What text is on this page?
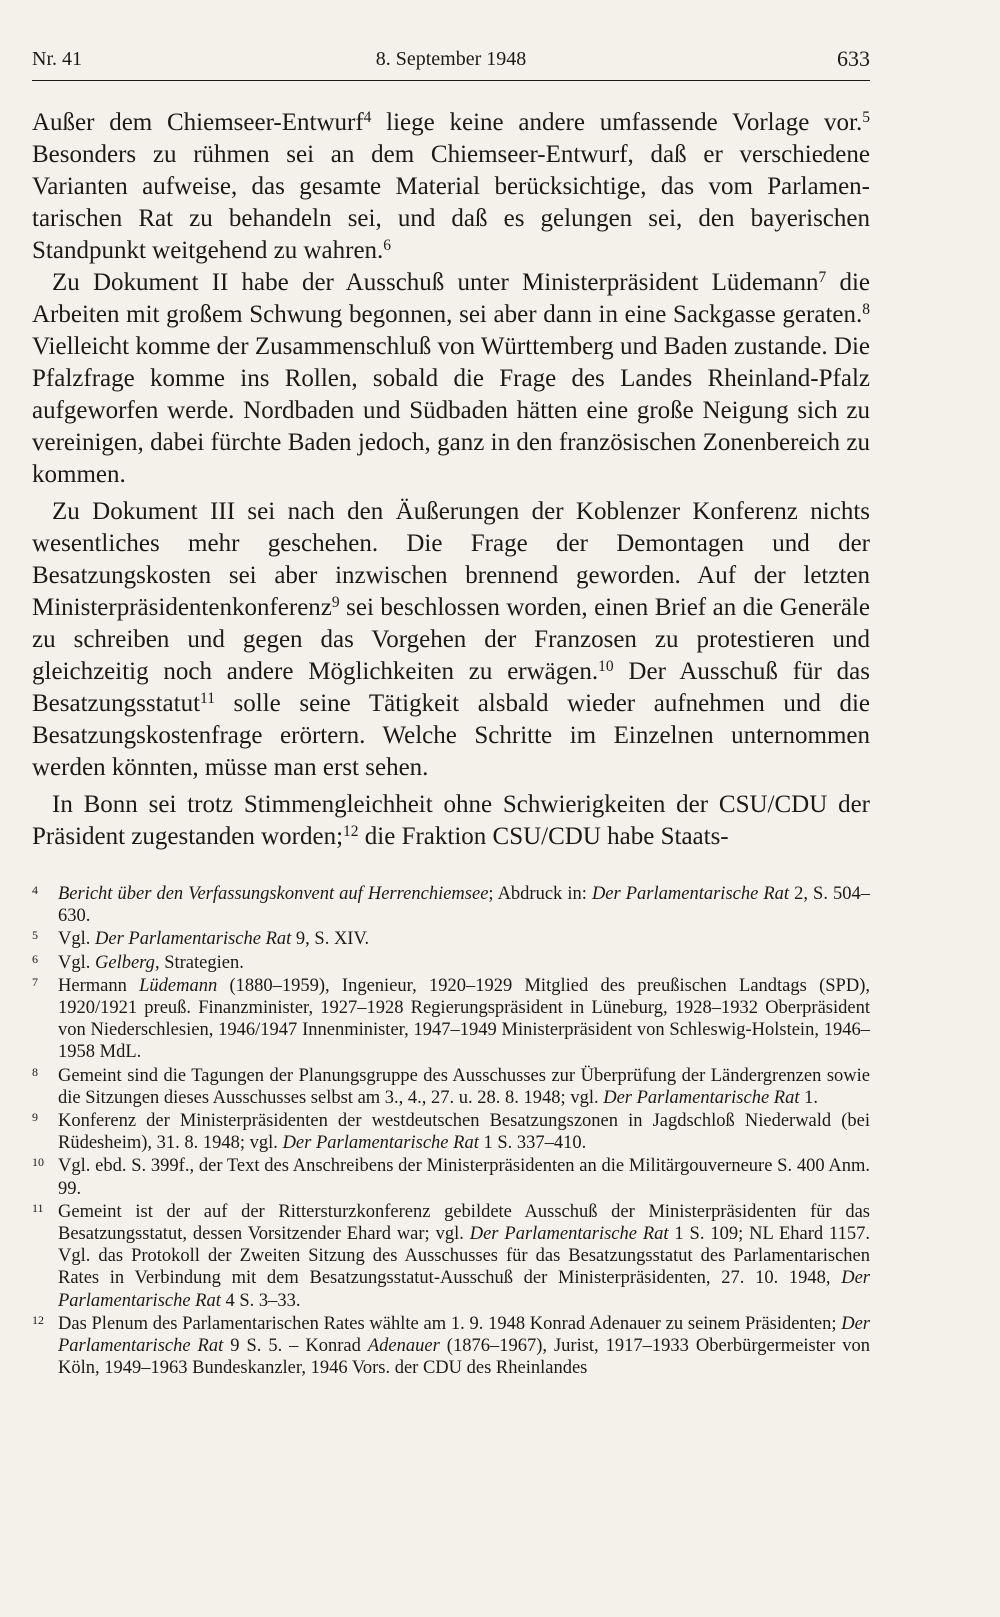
Nr. 41	8. September 1948	633

Außer dem Chiemseer-Entwurf$^4$ liege keine andere umfassende Vorlage vor.$^5$ Besonders zu rühmen sei an dem Chiemseer-Entwurf, daß er verschiedene Varianten aufweise, das gesamte Material berücksichtige, das vom Parlamentarischen Rat zu behandeln sei, und daß es gelungen sei, den bayerischen Standpunkt weitgehend zu wahren.$^6$

Zu Dokument II habe der Ausschuß unter Ministerpräsident Lüdemann$^7$ die Arbeiten mit großem Schwung begonnen, sei aber dann in eine Sackgasse geraten.$^8$ Vielleicht komme der Zusammenschluß von Württemberg und Baden zustande. Die Pfalzfrage komme ins Rollen, sobald die Frage des Landes Rheinland-Pfalz aufgeworfen werde. Nordbaden und Südbaden hätten eine große Neigung sich zu vereinigen, dabei fürchte Baden jedoch, ganz in den französischen Zonenbereich zu kommen.

Zu Dokument III sei nach den Äußerungen der Koblenzer Konferenz nichts wesentliches mehr geschehen. Die Frage der Demontagen und der Besatzungskosten sei aber inzwischen brennend geworden. Auf der letzten Ministerpräsidentenkonferenz$^9$ sei beschlossen worden, einen Brief an die Generäle zu schreiben und gegen das Vorgehen der Franzosen zu protestieren und gleichzeitig noch andere Möglichkeiten zu erwägen.$^{10}$ Der Ausschuß für das Besatzungsstatut$^{11}$ solle seine Tätigkeit alsbald wieder aufnehmen und die Besatzungskostenfrage erörtern. Welche Schritte im Einzelnen unternommen werden könnten, müsse man erst sehen.

In Bonn sei trotz Stimmengleichheit ohne Schwierigkeiten der CSU/CDU der Präsident zugestanden worden;$^{12}$ die Fraktion CSU/CDU habe Staats-

4 Bericht über den Verfassungskonvent auf Herrenchiemsee; Abdruck in: Der Parlamentarische Rat 2, S. 504–630.
5 Vgl. Der Parlamentarische Rat 9, S. XIV.
6 Vgl. Gelberg, Strategien.
7 Hermann Lüdemann (1880–1959), Ingenieur, 1920–1929 Mitglied des preußischen Landtags (SPD), 1920/1921 preuß. Finanzminister, 1927–1928 Regierungspräsident in Lüneburg, 1928–1932 Oberpräsident von Niederschlesien, 1946/1947 Innenminister, 1947–1949 Ministerpräsident von Schleswig-Holstein, 1946–1958 MdL.
8 Gemeint sind die Tagungen der Planungsgruppe des Ausschusses zur Überprüfung der Ländergrenzen sowie die Sitzungen dieses Ausschusses selbst am 3., 4., 27. u. 28. 8. 1948; vgl. Der Parlamentarische Rat 1.
9 Konferenz der Ministerpräsidenten der westdeutschen Besatzungszonen in Jagdschloß Niederwald (bei Rüdesheim), 31. 8. 1948; vgl. Der Parlamentarische Rat 1 S. 337–410.
10 Vgl. ebd. S. 399f., der Text des Anschreibens der Ministerpräsidenten an die Militärgouverneure S. 400 Anm. 99.
11 Gemeint ist der auf der Rittersturzkonferenz gebildete Ausschuß der Ministerpräsidenten für das Besatzungsstatut, dessen Vorsitzender Ehard war; vgl. Der Parlamentarische Rat 1 S. 109; NL Ehard 1157. Vgl. das Protokoll der Zweiten Sitzung des Ausschusses für das Besatzungsstatut des Parlamentarischen Rates in Verbindung mit dem Besatzungsstatut-Ausschuß der Ministerpräsidenten, 27. 10. 1948, Der Parlamentarische Rat 4 S. 3–33.
12 Das Plenum des Parlamentarischen Rates wählte am 1. 9. 1948 Konrad Adenauer zu seinem Präsidenten; Der Parlamentarische Rat 9 S. 5. – Konrad Adenauer (1876–1967), Jurist, 1917–1933 Oberbürgermeister von Köln, 1949–1963 Bundeskanzler, 1946 Vors. der CDU des Rheinlandes
